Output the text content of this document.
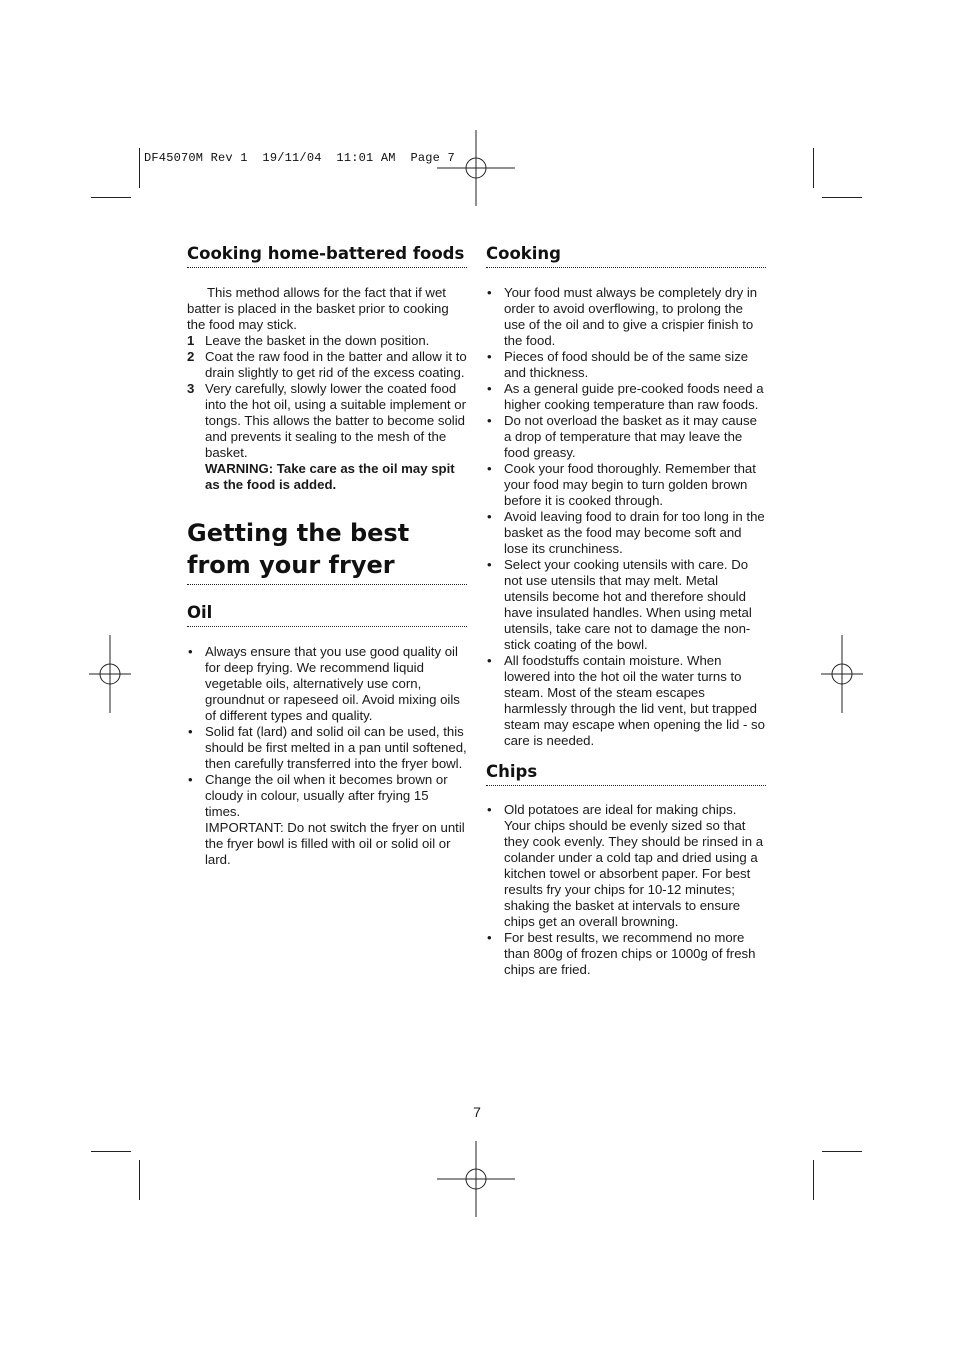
DF45070M Rev 1  19/11/04  11:01 AM  Page 7
Cooking home-battered foods

This method allows for the fact that if wet batter is placed in the basket prior to cooking the food may stick.

1 Leave the basket in the down position.
2 Coat the raw food in the batter and allow it to drain slightly to get rid of the excess coating.
3 Very carefully, slowly lower the coated food into the hot oil, using a suitable implement or tongs. This allows the batter to become solid and prevents it sealing to the mesh of the basket.
WARNING: Take care as the oil may spit as the food is added.
Getting the best from your fryer
Oil
• Always ensure that you use good quality oil for deep frying. We recommend liquid vegetable oils, alternatively use corn, groundnut or rapeseed oil. Avoid mixing oils of different types and quality.
• Solid fat (lard) and solid oil can be used, this should be first melted in a pan until softened, then carefully transferred into the fryer bowl.
• Change the oil when it becomes brown or cloudy in colour, usually after frying 15 times.
IMPORTANT: Do not switch the fryer on until the fryer bowl is filled with oil or solid oil or lard.
Cooking
• Your food must always be completely dry in order to avoid overflowing, to prolong the use of the oil and to give a crispier finish to the food.
• Pieces of food should be of the same size and thickness.
• As a general guide pre-cooked foods need a higher cooking temperature than raw foods.
• Do not overload the basket as it may cause a drop of temperature that may leave the food greasy.
• Cook your food thoroughly. Remember that your food may begin to turn golden brown before it is cooked through.
• Avoid leaving food to drain for too long in the basket as the food may become soft and lose its crunchiness.
• Select your cooking utensils with care. Do not use utensils that may melt. Metal utensils become hot and therefore should have insulated handles. When using metal utensils, take care not to damage the non-stick coating of the bowl.
• All foodstuffs contain moisture. When lowered into the hot oil the water turns to steam. Most of the steam escapes harmlessly through the lid vent, but trapped steam may escape when opening the lid - so care is needed.
Chips
• Old potatoes are ideal for making chips. Your chips should be evenly sized so that they cook evenly. They should be rinsed in a colander under a cold tap and dried using a kitchen towel or absorbent paper. For best results fry your chips for 10-12 minutes; shaking the basket at intervals to ensure chips get an overall browning.
• For best results, we recommend no more than 800g of frozen chips or 1000g of fresh chips are fried.
7
